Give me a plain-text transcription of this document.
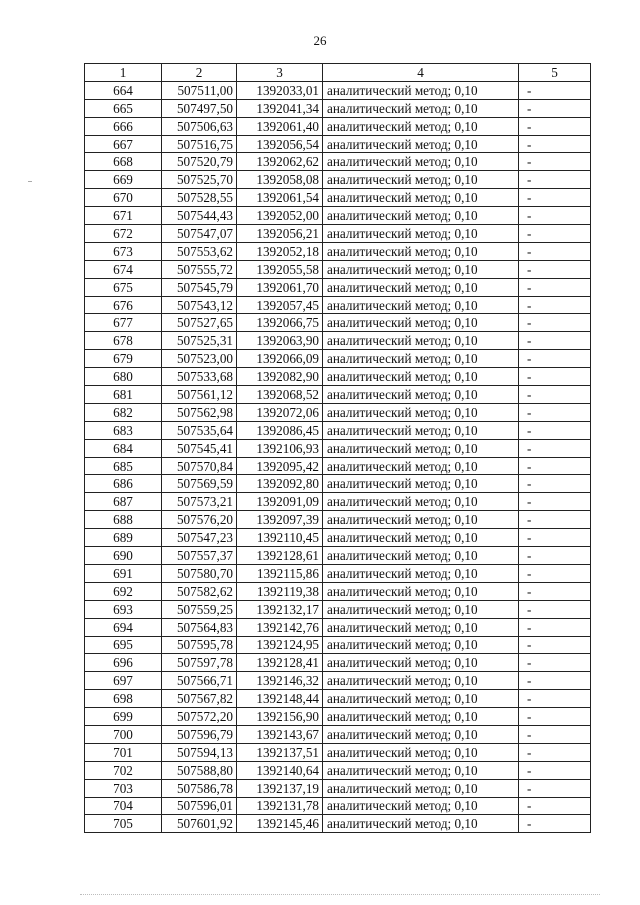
26
1	2	3	4	5
664	507511,00	1392033,01	аналитический метод; 0,10	-
665	507497,50	1392041,34	аналитический метод; 0,10	-
666	507506,63	1392061,40	аналитический метод; 0,10	-
667	507516,75	1392056,54	аналитический метод; 0,10	-
668	507520,79	1392062,62	аналитический метод; 0,10	-
669	507525,70	1392058,08	аналитический метод; 0,10	-
670	507528,55	1392061,54	аналитический метод; 0,10	-
671	507544,43	1392052,00	аналитический метод; 0,10	-
672	507547,07	1392056,21	аналитический метод; 0,10	-
673	507553,62	1392052,18	аналитический метод; 0,10	-
674	507555,72	1392055,58	аналитический метод; 0,10	-
675	507545,79	1392061,70	аналитический метод; 0,10	-
676	507543,12	1392057,45	аналитический метод; 0,10	-
677	507527,65	1392066,75	аналитический метод; 0,10	-
678	507525,31	1392063,90	аналитический метод; 0,10	-
679	507523,00	1392066,09	аналитический метод; 0,10	-
680	507533,68	1392082,90	аналитический метод; 0,10	-
681	507561,12	1392068,52	аналитический метод; 0,10	-
682	507562,98	1392072,06	аналитический метод; 0,10	-
683	507535,64	1392086,45	аналитический метод; 0,10	-
684	507545,41	1392106,93	аналитический метод; 0,10	-
685	507570,84	1392095,42	аналитический метод; 0,10	-
686	507569,59	1392092,80	аналитический метод; 0,10	-
687	507573,21	1392091,09	аналитический метод; 0,10	-
688	507576,20	1392097,39	аналитический метод; 0,10	-
689	507547,23	1392110,45	аналитический метод; 0,10	-
690	507557,37	1392128,61	аналитический метод; 0,10	-
691	507580,70	1392115,86	аналитический метод; 0,10	-
692	507582,62	1392119,38	аналитический метод; 0,10	-
693	507559,25	1392132,17	аналитический метод; 0,10	-
694	507564,83	1392142,76	аналитический метод; 0,10	-
695	507595,78	1392124,95	аналитический метод; 0,10	-
696	507597,78	1392128,41	аналитический метод; 0,10	-
697	507566,71	1392146,32	аналитический метод; 0,10	-
698	507567,82	1392148,44	аналитический метод; 0,10	-
699	507572,20	1392156,90	аналитический метод; 0,10	-
700	507596,79	1392143,67	аналитический метод; 0,10	-
701	507594,13	1392137,51	аналитический метод; 0,10	-
702	507588,80	1392140,64	аналитический метод; 0,10	-
703	507586,78	1392137,19	аналитический метод; 0,10	-
704	507596,01	1392131,78	аналитический метод; 0,10	-
705	507601,92	1392145,46	аналитический метод; 0,10	-
